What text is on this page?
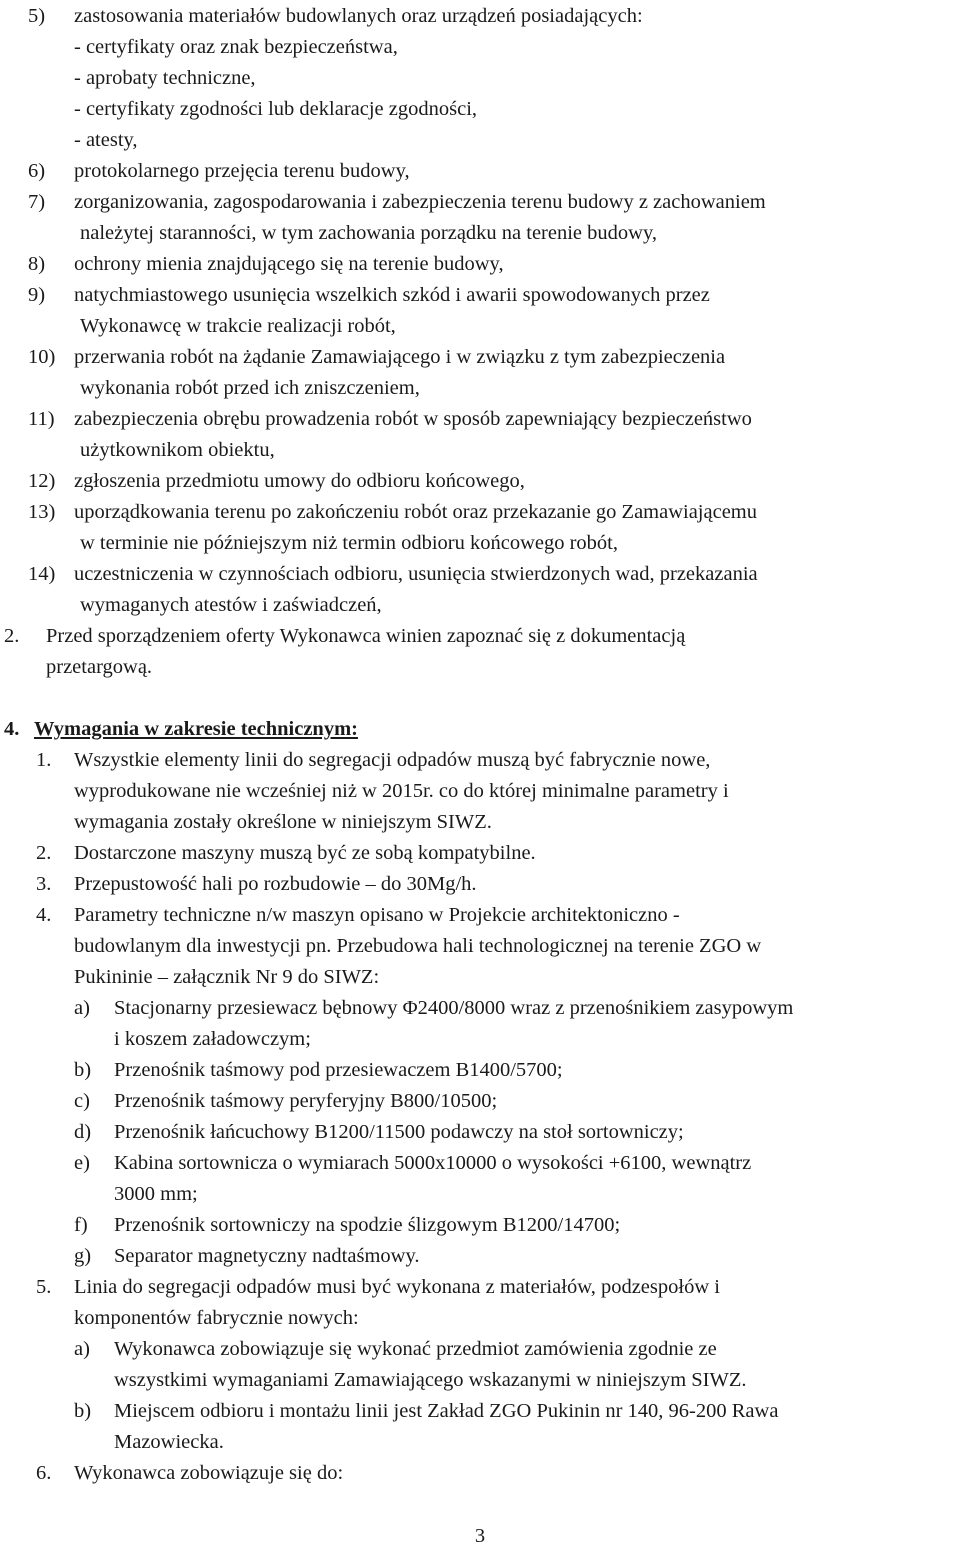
5) zastosowania materiałów budowlanych oraz urządzeń posiadających:
- certyfikaty oraz znak bezpieczeństwa,
- aprobaty techniczne,
- certyfikaty zgodności lub deklaracje zgodności,
- atesty,
6) protokolarnego przejęcia terenu budowy,
7) zorganizowania, zagospodarowania i zabezpieczenia terenu budowy z zachowaniem
należytej staranności, w tym zachowania porządku na terenie budowy,
8) ochrony mienia znajdującego się na terenie budowy,
9) natychmiastowego usunięcia wszelkich szkód i awarii spowodowanych przez
Wykonawcę w trakcie realizacji robót,
10) przerwania robót na żądanie Zamawiającego i w związku z tym zabezpieczenia
wykonania robót przed ich zniszczeniem,
11) zabezpieczenia obrębu prowadzenia robót w sposób zapewniający bezpieczeństwo
użytkownikom obiektu,
12) zgłoszenia przedmiotu umowy do odbioru końcowego,
13) uporządkowania terenu po zakończeniu robót oraz przekazanie go Zamawiającemu
w terminie nie późniejszym niż termin odbioru końcowego robót,
14) uczestniczenia w czynnościach odbioru, usunięcia stwierdzonych wad, przekazania
wymaganych atestów i zaświadczeń,
2. Przed sporządzeniem oferty Wykonawca winien zapoznać się z dokumentacją
przetargową.
4. Wymagania w zakresie technicznym:
1. Wszystkie elementy linii do segregacji odpadów muszą być fabrycznie nowe,
wyprodukowane nie wcześniej niż w 2015r. co do której minimalne parametry i
wymagania zostały określone w niniejszym SIWZ.
2. Dostarczone maszyny muszą być ze sobą kompatybilne.
3. Przepustowość hali po rozbudowie – do 30Mg/h.
4. Parametry techniczne n/w maszyn opisano w Projekcie architektoniczno -
budowlanym dla inwestycji pn. Przebudowa hali technologicznej na terenie ZGO w
Pukininie – załącznik Nr 9 do SIWZ:
a) Stacjonarny przesiewacz bębnowy Φ2400/8000 wraz z przenośnikiem zasypowym
i koszem załadowczym;
b) Przenośnik taśmowy pod przesiewaczem B1400/5700;
c) Przenośnik taśmowy peryferyjny B800/10500;
d) Przenośnik łańcuchowy B1200/11500 podawczy na stoł sortowniczy;
e) Kabina sortownicza o wymiarach 5000x10000 o wysokości +6100, wewnątrz
3000 mm;
f) Przenośnik sortowniczy na spodzie ślizgowym B1200/14700;
g) Separator magnetyczny nadtaśmowy.
5. Linia do segregacji odpadów musi być wykonana z materiałów, podzespołów i
komponentów fabrycznie nowych:
a) Wykonawca zobowiązuje się wykonać przedmiot zamówienia zgodnie ze
wszystkimi wymaganiami Zamawiającego wskazanymi w niniejszym SIWZ.
b) Miejscem odbioru i montażu linii jest Zakład ZGO Pukinin nr 140, 96-200 Rawa
Mazowiecka.
6. Wykonawca zobowiązuje się do:
3
